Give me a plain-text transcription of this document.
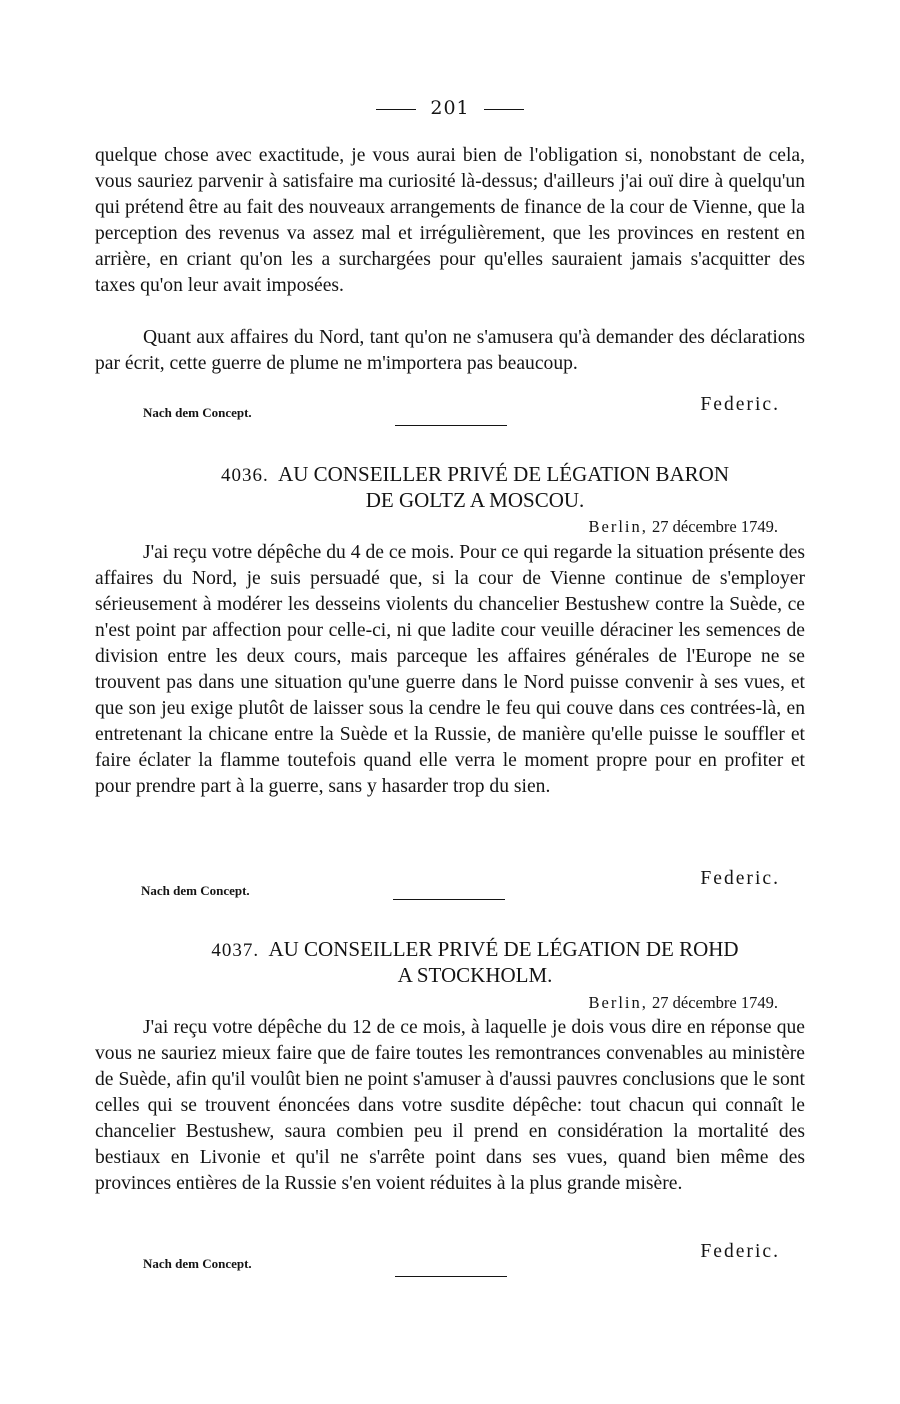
201

quelque chose avec exactitude, je vous aurai bien de l'obligation si, nonobstant de cela, vous sauriez parvenir à satisfaire ma curiosité là-dessus; d'ailleurs j'ai ouï dire à quelqu'un qui prétend être au fait des nouveaux arrangements de finance de la cour de Vienne, que la perception des revenus va assez mal et irrégulièrement, que les provinces en restent en arrière, en criant qu'on les a surchargées pour qu'elles sauraient jamais s'acquitter des taxes qu'on leur avait imposées.

Quant aux affaires du Nord, tant qu'on ne s'amusera qu'à demander des déclarations par écrit, cette guerre de plume ne m'importera pas beaucoup.

Nach dem Concept.	Federic.
4036. AU CONSEILLER PRIVÉ DE LÉGATION BARON
DE GOLTZ A MOSCOU.
Berlin, 27 décembre 1749.

J'ai reçu votre dépêche du 4 de ce mois. Pour ce qui regarde la situation présente des affaires du Nord, je suis persuadé que, si la cour de Vienne continue de s'employer sérieusement à modérer les desseins violents du chancelier Bestushew contre la Suède, ce n'est point par affection pour celle-ci, ni que ladite cour veuille déraciner les semences de division entre les deux cours, mais parceque les affaires générales de l'Europe ne se trouvent pas dans une situation qu'une guerre dans le Nord puisse convenir à ses vues, et que son jeu exige plutôt de laisser sous la cendre le feu qui couve dans ces contrées-là, en entretenant la chicane entre la Suède et la Russie, de manière qu'elle puisse le souffler et faire éclater la flamme toutefois quand elle verra le moment propre pour en profiter et pour prendre part à la guerre, sans y hasarder trop du sien.

Nach dem Concept.
Federic.
4037. AU CONSEILLER PRIVÉ DE LÉGATION DE ROHD
A STOCKHOLM.
Berlin, 27 décembre 1749.

J'ai reçu votre dépêche du 12 de ce mois, à laquelle je dois vous dire en réponse que vous ne sauriez mieux faire que de faire toutes les remontrances convenables au ministère de Suède, afin qu'il voulût bien ne point s'amuser à d'aussi pauvres conclusions que le sont celles qui se trouvent énoncées dans votre susdite dépêche: tout chacun qui connaît le chancelier Bestushew, saura combien peu il prend en considération la mortalité des bestiaux en Livonie et qu'il ne s'arrête point dans ses vues, quand bien même des provinces entières de la Russie s'en voient réduites à la plus grande misère.

Nach dem Concept.
Federic.
